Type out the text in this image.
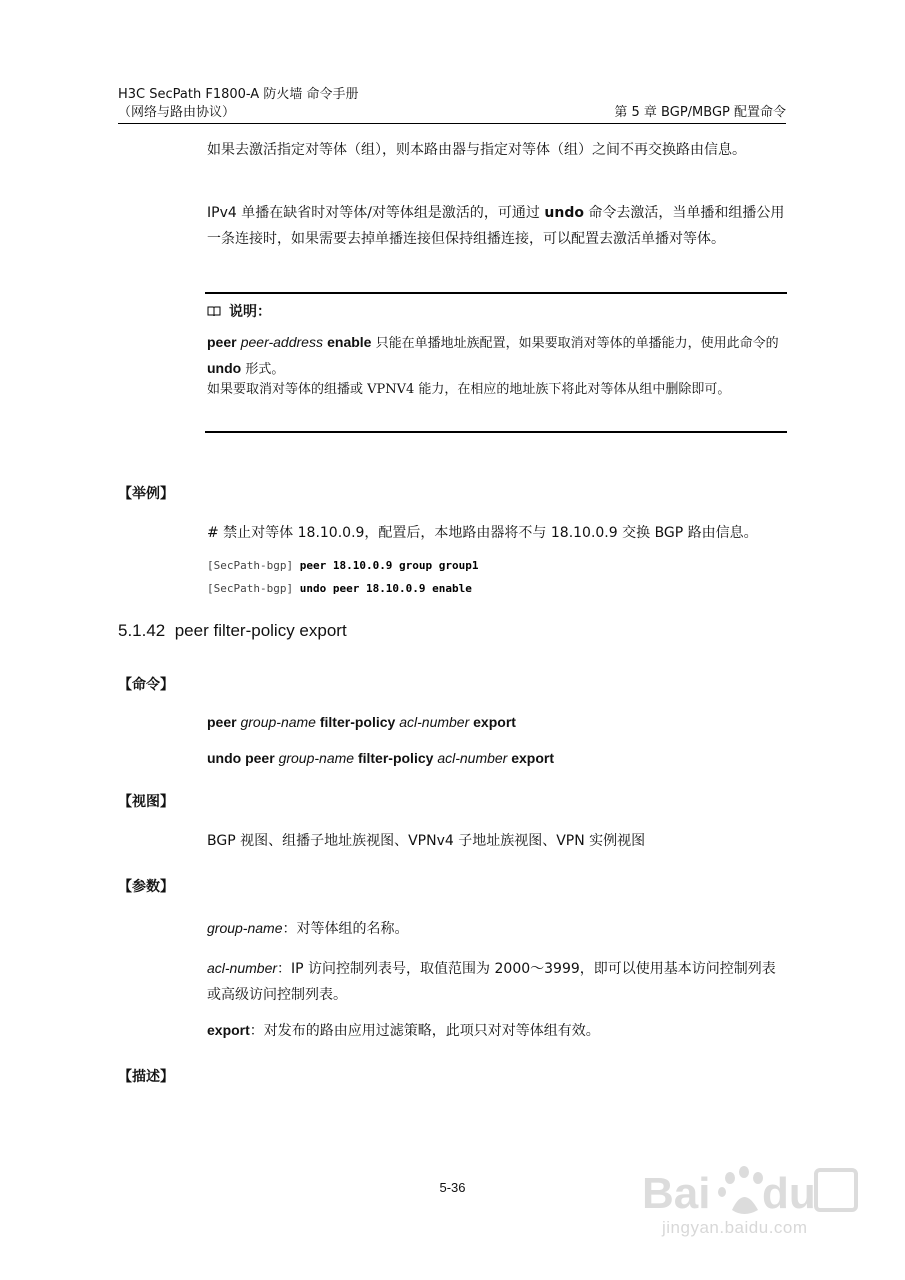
H3C SecPath F1800-A 防火墙 命令手册
（网络与路由协议）	第 5 章 BGP/MBGP 配置命令
如果去激活指定对等体（组），则本路由器与指定对等体（组）之间不再交换路由信息。
IPv4 单播在缺省时对等体/对等体组是激活的，可通过 undo 命令去激活，当单播和组播公用一条连接时，如果需要去掉单播连接但保持组播连接，可以配置去激活单播对等体。
说明：
peer peer-address enable 只能在单播地址族配置，如果要取消对等体的单播能力，使用此命令的 undo 形式。
如果要取消对等体的组播或 VPNV4 能力，在相应的地址族下将此对等体从组中删除即可。
【举例】
# 禁止对等体 18.10.0.9，配置后，本地路由器将不与 18.10.0.9 交换 BGP 路由信息。
[SecPath-bgp] peer 18.10.0.9 group group1
[SecPath-bgp] undo peer 18.10.0.9 enable
5.1.42 peer filter-policy export
【命令】
peer group-name filter-policy acl-number export
undo peer group-name filter-policy acl-number export
【视图】
BGP 视图、组播子地址族视图、VPNv4 子地址族视图、VPN 实例视图
【参数】
group-name：对等体组的名称。
acl-number：IP 访问控制列表号，取值范围为 2000～3999，即可以使用基本访问控制列表或高级访问控制列表。
export：对发布的路由应用过滤策略，此项只对对等体组有效。
【描述】
5-36	Bai du
jingyan.baidu.com
